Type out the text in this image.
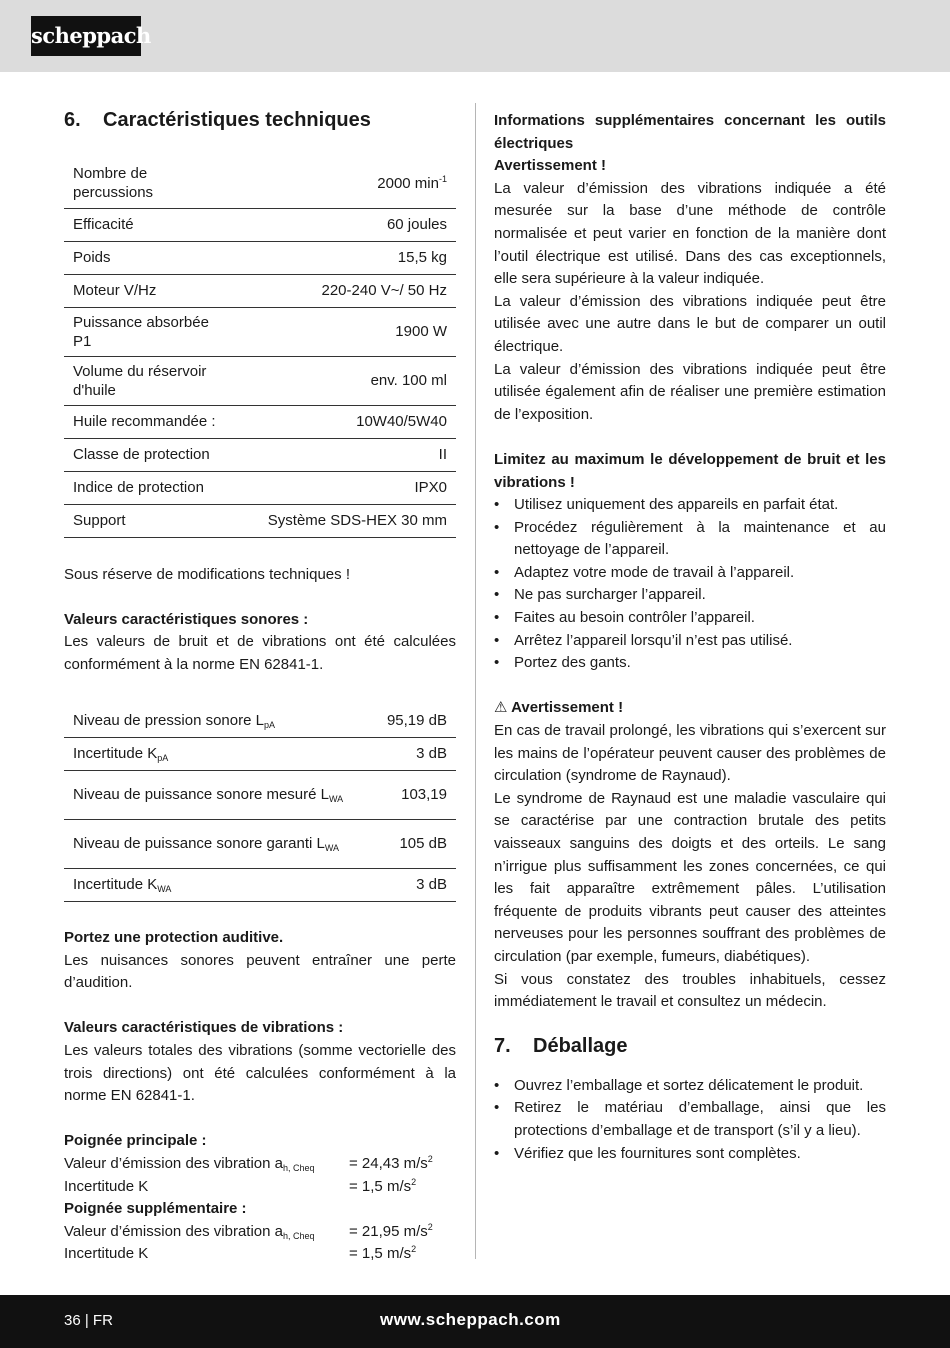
scheppach
6.	Caractéristiques techniques
Nombre de percussions	2000 $\min^{-1}$
Efficacité	60 joules
Poids	15,5 kg
Moteur V/Hz	220-240 V~/ 50 Hz
Puissance absorbée P1	1900 W
Volume du réservoir d'huile	env. 100 ml
Huile recommandée :	10W40/5W40
Classe de protection	II
Indice de protection	IPX0
Support	Système SDS-HEX 30 mm

Sous réserve de modifications techniques !

Valeurs caractéristiques sonores :

Les valeurs de bruit et de vibrations ont été calculées conformément à la norme EN 62841-1.

Niveau de pression sonore $L_{pA}$	95,19 dB
Incertitude $K_{pA}$	3 dB
Niveau de puissance sonore mesuré $L_{WA}$	103,19
Niveau de puissance sonore garanti $L_{WA}$	105 dB
Incertitude $K_{WA}$	3 dB

Portez une protection auditive.

Les nuisances sonores peuvent entraîner une perte d’audition.

Valeurs caractéristiques de vibrations :

Les valeurs totales des vibrations (somme vectorielle des trois directions) ont été calculées conformément à la norme EN 62841-1.

Poignée principale :

Valeur d’émission des vibration $a_{h, Cheq}$	= 24,43 $m/s^2$
Incertitude K	= 1,5 $m/s^2$

Poignée supplémentaire :

Valeur d’émission des vibration $a_{h, Cheq}$	= 21,95 $m/s^2$
Incertitude K	= 1,5 $m/s^2$

Informations supplémentaires concernant les outils électriques

Avertissement !

La valeur d’émission des vibrations indiquée a été mesurée sur la base d’une méthode de contrôle normalisée et peut varier en fonction de la manière dont l’outil électrique est utilisé. Dans des cas exceptionnels, elle sera supérieure à la valeur indiquée.

La valeur d’émission des vibrations indiquée peut être utilisée avec une autre dans le but de comparer un outil électrique.

La valeur d’émission des vibrations indiquée peut être utilisée également afin de réaliser une première estimation de l’exposition.

Limitez au maximum le développement de bruit et les vibrations !

• Utilisez uniquement des appareils en parfait état.
• Procédez régulièrement à la maintenance et au nettoyage de l’appareil.
• Adaptez votre mode de travail à l’appareil.
• Ne pas surcharger l’appareil.
• Faites au besoin contrôler l’appareil.
• Arrêtez l’appareil lorsqu’il n’est pas utilisé.
• Portez des gants.

⚠ Avertissement !

En cas de travail prolongé, les vibrations qui s’exercent sur les mains de l’opérateur peuvent causer des problèmes de circulation (syndrome de Raynaud).

Le syndrome de Raynaud est une maladie vasculaire qui se caractérise par une contraction brutale des petits vaisseaux sanguins des doigts et des orteils. Le sang n’irrigue plus suffisamment les zones concernées, ce qui les fait apparaître extrêmement pâles. L’utilisation fréquente de produits vibrants peut causer des atteintes nerveuses pour les personnes souffrant des problèmes de circulation (par exemple, fumeurs, diabétiques).

Si vous constatez des troubles inhabituels, cessez immédiatement le travail et consultez un médecin.

7.	Déballage
• Ouvrez l’emballage et sortez délicatement le produit.
• Retirez le matériau d’emballage, ainsi que les protections d’emballage et de transport (s’il y a lieu).
• Vérifiez que les fournitures sont complètes.
36 | FR	www.scheppach.com
